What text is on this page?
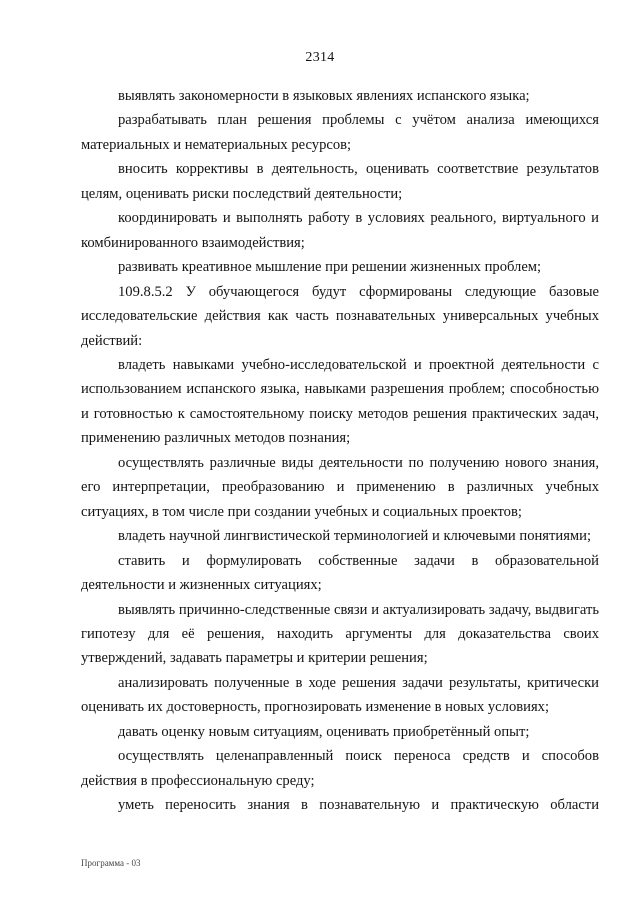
2314

выявлять закономерности в языковых явлениях испанского языка;

разрабатывать план решения проблемы с учётом анализа имеющихся материальных и нематериальных ресурсов;

вносить коррективы в деятельность, оценивать соответствие результатов целям, оценивать риски последствий деятельности;

координировать и выполнять работу в условиях реального, виртуального и комбинированного взаимодействия;

развивать креативное мышление при решении жизненных проблем;

109.8.5.2 У обучающегося будут сформированы следующие базовые исследовательские действия как часть познавательных универсальных учебных действий:

владеть навыками учебно-исследовательской и проектной деятельности с использованием испанского языка, навыками разрешения проблем; способностью и готовностью к самостоятельному поиску методов решения практических задач, применению различных методов познания;

осуществлять различные виды деятельности по получению нового знания, его интерпретации, преобразованию и применению в различных учебных ситуациях, в том числе при создании учебных и социальных проектов;

владеть научной лингвистической терминологией и ключевыми понятиями;

ставить и формулировать собственные задачи в образовательной деятельности и жизненных ситуациях;

выявлять причинно-следственные связи и актуализировать задачу, выдвигать гипотезу для её решения, находить аргументы для доказательства своих утверждений, задавать параметры и критерии решения;

анализировать полученные в ходе решения задачи результаты, критически оценивать их достоверность, прогнозировать изменение в новых условиях;

давать оценку новым ситуациям, оценивать приобретённый опыт;

осуществлять целенаправленный поиск переноса средств и способов действия в профессиональную среду;

уметь переносить знания в познавательную и практическую области

Программа - 03
